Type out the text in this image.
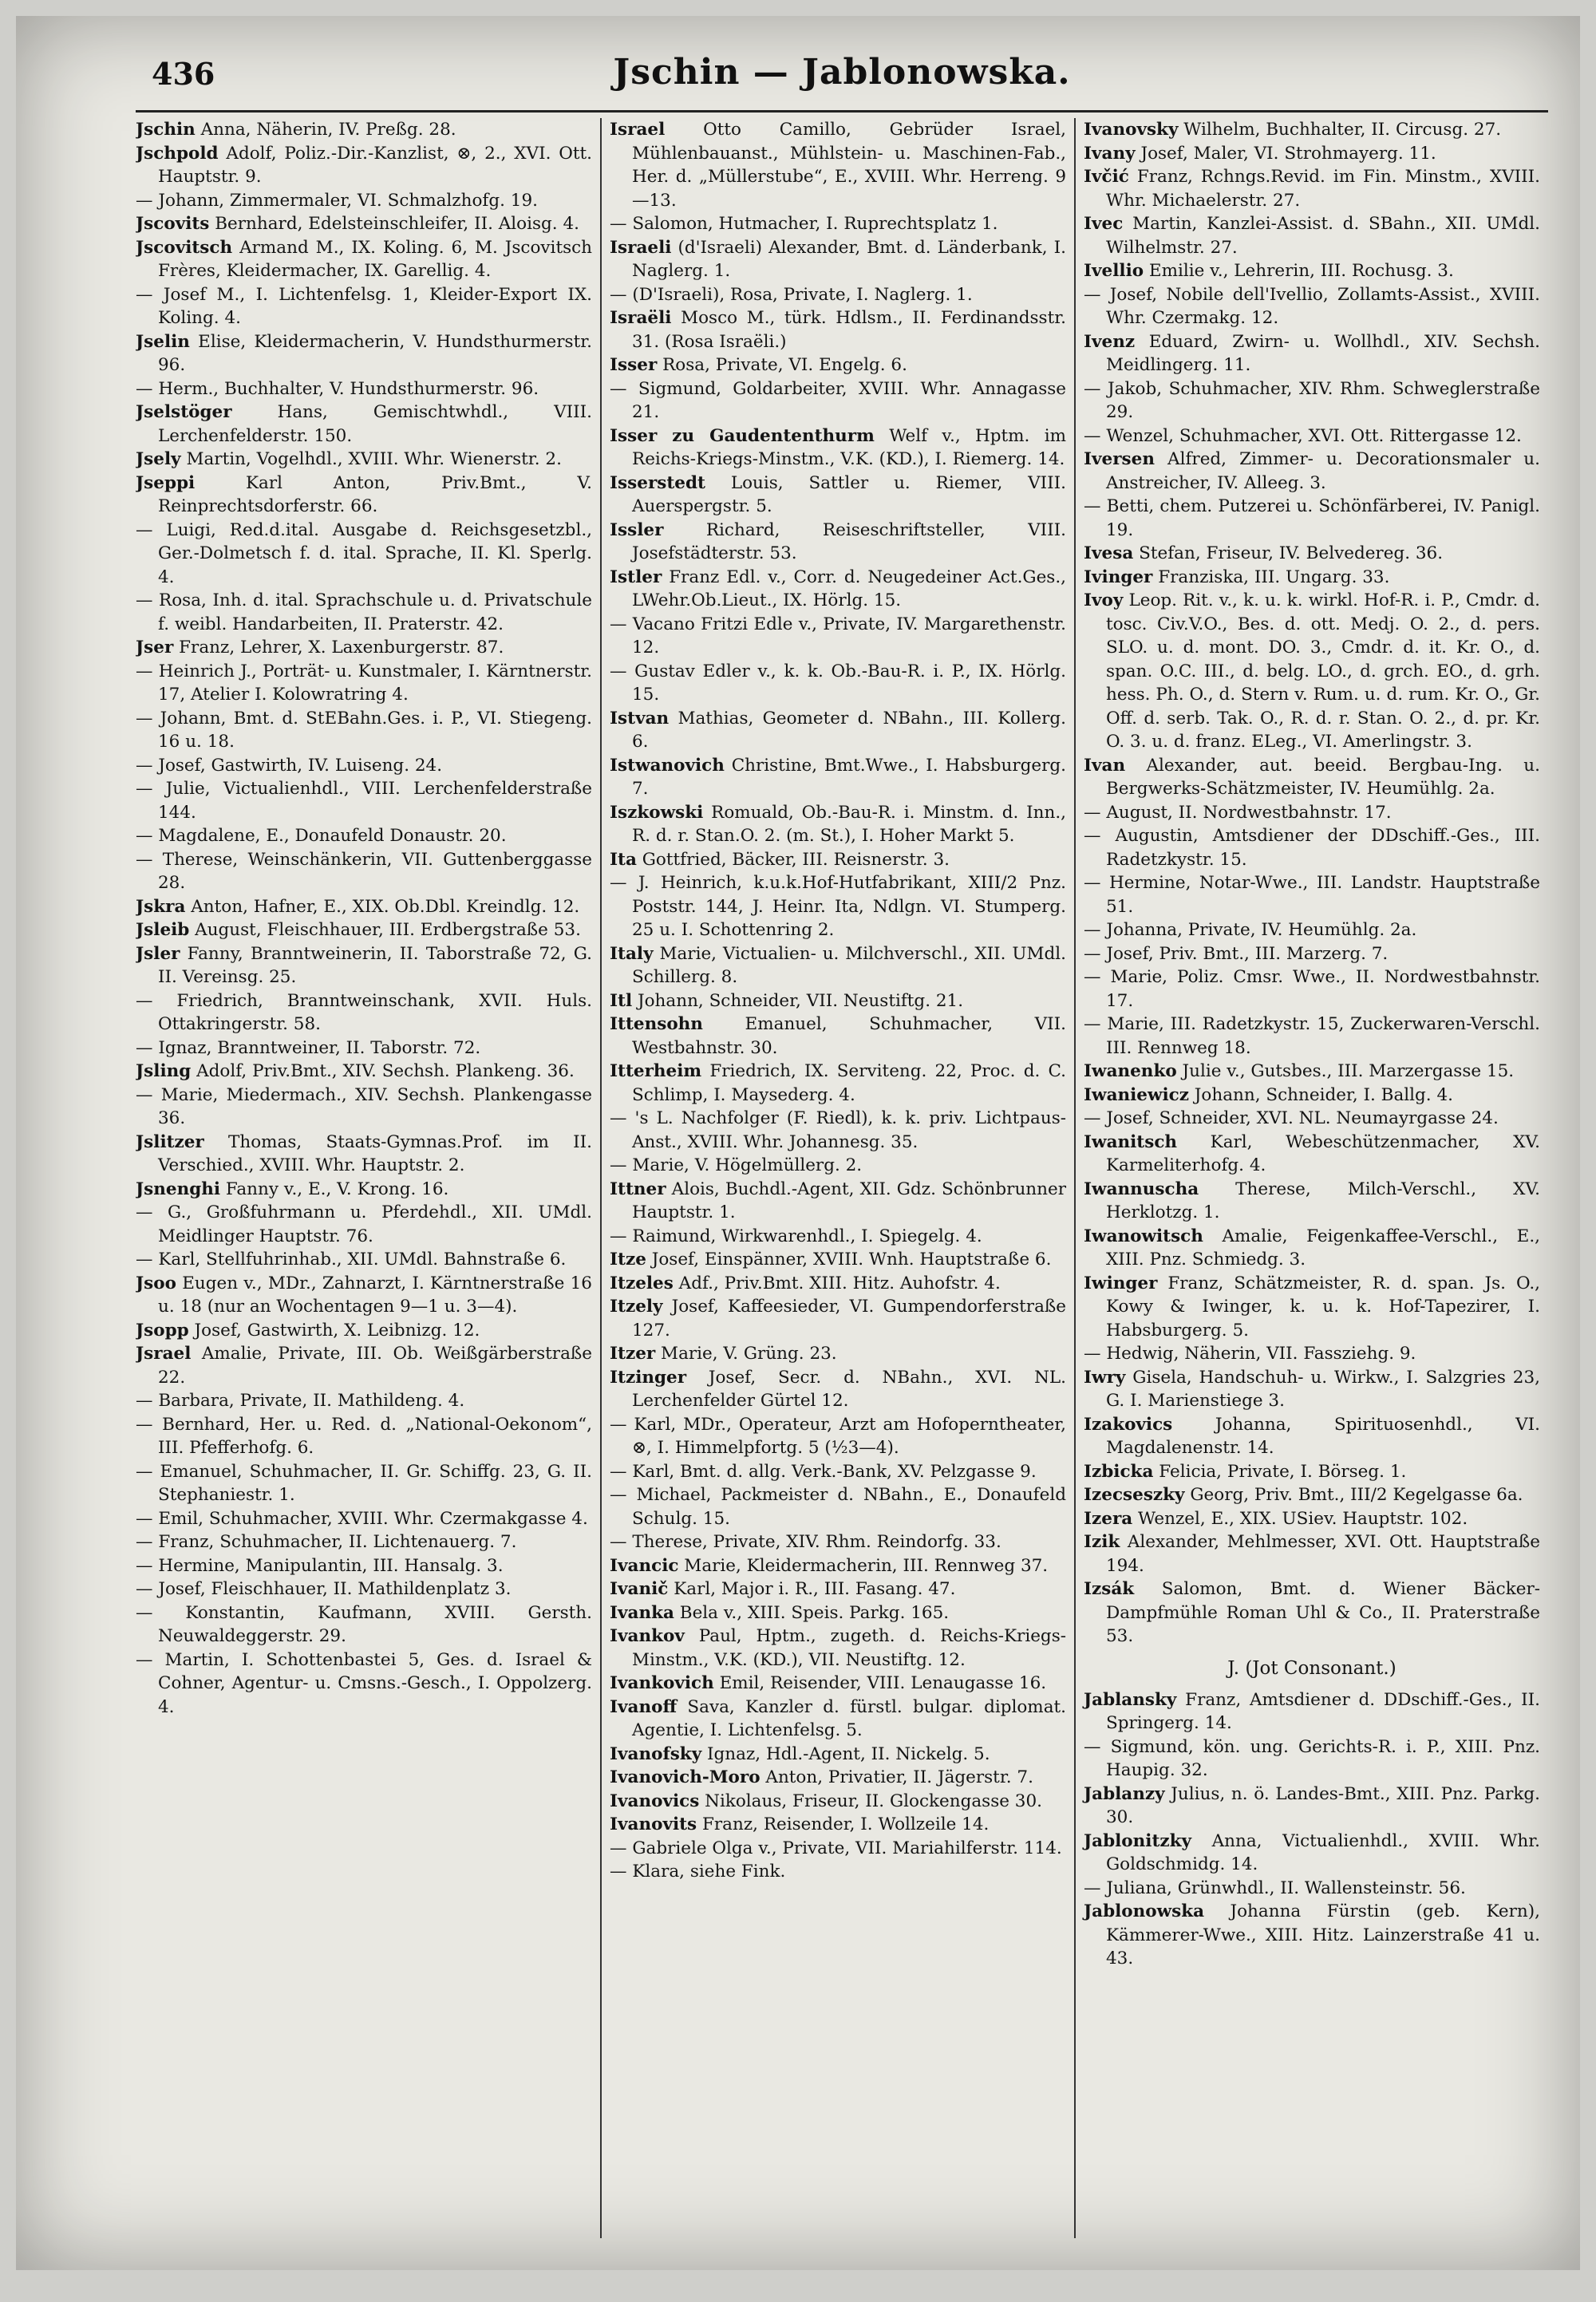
436	Jschin — Jablonowska.
Jschin Anna, Näherin, IV. Preßg. 28.
Jschpold Adolf, Poliz.-Dir.-Kanzlist, ⊗, 2., XVI. Ott. Hauptstr. 9.
— Johann, Zimmermaler, VI. Schmalzhofg. 19.
Jscovits Bernhard, Edelsteinschleifer, II. Aloisg. 4.
Jscovitsch Armand M., IX. Koling. 6, M. Jscovitsch Frères, Kleidermacher, IX. Garellig. 4.
— Josef M., I. Lichtenfelsg. 1, Kleider-Export IX. Koling. 4.
Jselin Elise, Kleidermacherin, V. Hundsthurmerstr. 96.
— Herm., Buchhalter, V. Hundsthurmerstr. 96.
Jselstöger Hans, Gemischtwhdl., VIII. Lerchenfelderstr. 150.
Jsely Martin, Vogelhdl., XVIII. Whr. Wienerstr. 2.
Jseppi Karl Anton, Priv.Bmt., V. Reinprechtsdorferstr. 66.
— Luigi, Red.d.ital. Ausgabe d. Reichsgesetzbl., Ger.-Dolmetsch f. d. ital. Sprache, II. Kl. Sperlg. 4.
— Rosa, Inh. d. ital. Sprachschule u. d. Privatschule f. weibl. Handarbeiten, II. Praterstr. 42.
Jser Franz, Lehrer, X. Laxenburgerstr. 87.
— Heinrich J., Porträt- u. Kunstmaler, I. Kärntnerstr. 17, Atelier I. Kolowratring 4.
— Johann, Bmt. d. StEBahn.Ges. i. P., VI. Stiegeng. 16 u. 18.
— Josef, Gastwirth, IV. Luiseng. 24.
— Julie, Victualienhdl., VIII. Lerchenfelderstraße 144.
— Magdalene, E., Donaufeld Donaustr. 20.
— Therese, Weinschänkerin, VII. Guttenberggasse 28.
Jskra Anton, Hafner, E., XIX. Ob.Dbl. Kreindlg. 12.
Jsleib August, Fleischhauer, III. Erdbergstraße 53.
Jsler Fanny, Branntweinerin, II. Taborstraße 72, G. II. Vereinsg. 25.
— Friedrich, Branntweinschank, XVII. Huls. Ottakringerstr. 58.
— Ignaz, Branntweiner, II. Taborstr. 72.
Jsling Adolf, Priv.Bmt., XIV. Sechsh. Plankeng. 36.
— Marie, Miedermach., XIV. Sechsh. Plankengasse 36.
Jslitzer Thomas, Staats-Gymnas.Prof. im II. Verschied., XVIII. Whr. Hauptstr. 2.
Jsnenghi Fanny v., E., V. Krong. 16.
— G., Großfuhrmann u. Pferdehdl., XII. UMdl. Meidlinger Hauptstr. 76.
— Karl, Stellfuhrinhab., XII. UMdl. Bahnstraße 6.
Jsoo Eugen v., MDr., Zahnarzt, I. Kärntnerstraße 16 u. 18 (nur an Wochentagen 9—1 u. 3—4).
Jsopp Josef, Gastwirth, X. Leibnizg. 12.
Jsrael Amalie, Private, III. Ob. Weißgärberstraße 22.
— Barbara, Private, II. Mathildeng. 4.
— Bernhard, Her. u. Red. d. „National-Oekonom“, III. Pfefferhofg. 6.
— Emanuel, Schuhmacher, II. Gr. Schiffg. 23, G. II. Stephaniestr. 1.
— Emil, Schuhmacher, XVIII. Whr. Czermakgasse 4.
— Franz, Schuhmacher, II. Lichtenauerg. 7.
— Hermine, Manipulantin, III. Hansalg. 3.
— Josef, Fleischhauer, II. Mathildenplatz 3.
— Konstantin, Kaufmann, XVIII. Gersth. Neuwaldeggerstr. 29.
— Martin, I. Schottenbastei 5, Ges. d. Israel & Cohner, Agentur- u. Cmsns.-Gesch., I. Oppolzerg. 4.
Israel Otto Camillo, Gebrüder Israel, Mühlenbauanst., Mühlstein- u. Maschinen-Fab., Her. d. „Müllerstube“, E., XVIII. Whr. Herreng. 9—13.
— Salomon, Hutmacher, I. Ruprechtsplatz 1.
Israeli (d'Israeli) Alexander, Bmt. d. Länderbank, I. Naglerg. 1.
— (D'Israeli), Rosa, Private, I. Naglerg. 1.
Israëli Mosco M., türk. Hdlsm., II. Ferdinandsstr. 31. (Rosa Israëli.)
Isser Rosa, Private, VI. Engelg. 6.
— Sigmund, Goldarbeiter, XVIII. Whr. Annagasse 21.
Isser zu Gaudententhurm Welf v., Hptm. im Reichs-Kriegs-Minstm., V.K. (KD.), I. Riemerg. 14.
Isserstedt Louis, Sattler u. Riemer, VIII. Auerspergstr. 5.
Issler Richard, Reiseschriftsteller, VIII. Josefstädterstr. 53.
Istler Franz Edl. v., Corr. d. Neugedeiner Act.Ges., LWehr.Ob.Lieut., IX. Hörlg. 15.
— Vacano Fritzi Edle v., Private, IV. Margarethenstr. 12.
— Gustav Edler v., k. k. Ob.-Bau-R. i. P., IX. Hörlg. 15.
Istvan Mathias, Geometer d. NBahn., III. Kollerg. 6.
Istwanovich Christine, Bmt.Wwe., I. Habsburgerg. 7.
Iszkowski Romuald, Ob.-Bau-R. i. Minstm. d. Inn., R. d. r. Stan.O. 2. (m. St.), I. Hoher Markt 5.
Ita Gottfried, Bäcker, III. Reisnerstr. 3.
— J. Heinrich, k.u.k.Hof-Hutfabrikant, XIII/2 Pnz. Poststr. 144, J. Heinr. Ita, Ndlgn. VI. Stumperg. 25 u. I. Schottenring 2.
Italy Marie, Victualien- u. Milchverschl., XII. UMdl. Schillerg. 8.
Itl Johann, Schneider, VII. Neustiftg. 21.
Ittensohn Emanuel, Schuhmacher, VII. Westbahnstr. 30.
Itterheim Friedrich, IX. Serviteng. 22, Proc. d. C. Schlimp, I. Maysederg. 4.
— 's L. Nachfolger (F. Riedl), k. k. priv. Lichtpaus-Anst., XVIII. Whr. Johannesg. 35.
— Marie, V. Högelmüllerg. 2.
Ittner Alois, Buchdl.-Agent, XII. Gdz. Schönbrunner Hauptstr. 1.
— Raimund, Wirkwarenhdl., I. Spiegelg. 4.
Itze Josef, Einspänner, XVIII. Wnh. Hauptstraße 6.
Itzeles Adf., Priv.Bmt. XIII. Hitz. Auhofstr. 4.
Itzely Josef, Kaffeesieder, VI. Gumpendorferstraße 127.
Itzer Marie, V. Grüng. 23.
Itzinger Josef, Secr. d. NBahn., XVI. NL. Lerchenfelder Gürtel 12.
— Karl, MDr., Operateur, Arzt am Hofoperntheater, ⊗, I. Himmelpfortg. 5 (½3—4).
— Karl, Bmt. d. allg. Verk.-Bank, XV. Pelzgasse 9.
— Michael, Packmeister d. NBahn., E., Donaufeld Schulg. 15.
— Therese, Private, XIV. Rhm. Reindorfg. 33.
Ivancic Marie, Kleidermacherin, III. Rennweg 37.
Ivanič Karl, Major i. R., III. Fasang. 47.
Ivanka Bela v., XIII. Speis. Parkg. 165.
Ivankov Paul, Hptm., zugeth. d. Reichs-Kriegs-Minstm., V.K. (KD.), VII. Neustiftg. 12.
Ivankovich Emil, Reisender, VIII. Lenaugasse 16.
Ivanoff Sava, Kanzler d. fürstl. bulgar. diplomat. Agentie, I. Lichtenfelsg. 5.
Ivanofsky Ignaz, Hdl.-Agent, II. Nickelg. 5.
Ivanovich-Moro Anton, Privatier, II. Jägerstr. 7.
Ivanovics Nikolaus, Friseur, II. Glockengasse 30.
Ivanovits Franz, Reisender, I. Wollzeile 14.
— Gabriele Olga v., Private, VII. Mariahilferstr. 114.
— Klara, siehe Fink.
Ivanovsky Wilhelm, Buchhalter, II. Circusg. 27.
Ivany Josef, Maler, VI. Strohmayerg. 11.
Ivčić Franz, Rchngs.Revid. im Fin. Minstm., XVIII. Whr. Michaelerstr. 27.
Ivec Martin, Kanzlei-Assist. d. SBahn., XII. UMdl. Wilhelmstr. 27.
Ivellio Emilie v., Lehrerin, III. Rochusg. 3.
— Josef, Nobile dell'Ivellio, Zollamts-Assist., XVIII. Whr. Czermakg. 12.
Ivenz Eduard, Zwirn- u. Wollhdl., XIV. Sechsh. Meidlingerg. 11.
— Jakob, Schuhmacher, XIV. Rhm. Schweglerstraße 29.
— Wenzel, Schuhmacher, XVI. Ott. Rittergasse 12.
Iversen Alfred, Zimmer- u. Decorationsmaler u. Anstreicher, IV. Alleeg. 3.
— Betti, chem. Putzerei u. Schönfärberei, IV. Panigl. 19.
Ivesa Stefan, Friseur, IV. Belvedereg. 36.
Ivinger Franziska, III. Ungarg. 33.
Ivoy Leop. Rit. v., k. u. k. wirkl. Hof-R. i. P., Cmdr. d. tosc. Civ.V.O., Bes. d. ott. Medj. O. 2., d. pers. SLO. u. d. mont. DO. 3., Cmdr. d. it. Kr. O., d. span. O.C. III., d. belg. LO., d. grch. EO., d. grh. hess. Ph. O., d. Stern v. Rum. u. d. rum. Kr. O., Gr. Off. d. serb. Tak. O., R. d. r. Stan. O. 2., d. pr. Kr. O. 3. u. d. franz. ELeg., VI. Amerlingstr. 3.
Ivan Alexander, aut. beeid. Bergbau-Ing. u. Bergwerks-Schätzmeister, IV. Heumühlg. 2a.
— August, II. Nordwestbahnstr. 17.
— Augustin, Amtsdiener der DDschiff.-Ges., III. Radetzkystr. 15.
— Hermine, Notar-Wwe., III. Landstr. Hauptstraße 51.
— Johanna, Private, IV. Heumühlg. 2a.
— Josef, Priv. Bmt., III. Marzerg. 7.
— Marie, Poliz. Cmsr. Wwe., II. Nordwestbahnstr. 17.
— Marie, III. Radetzkystr. 15, Zuckerwaren-Verschl. III. Rennweg 18.
Iwanenko Julie v., Gutsbes., III. Marzergasse 15.
Iwaniewicz Johann, Schneider, I. Ballg. 4.
— Josef, Schneider, XVI. NL. Neumayrgasse 24.
Iwanitsch Karl, Webeschützenmacher, XV. Karmeliterhofg. 4.
Iwannuscha Therese, Milch-Verschl., XV. Herklotzg. 1.
Iwanowitsch Amalie, Feigenkaffee-Verschl., E., XIII. Pnz. Schmiedg. 3.
Iwinger Franz, Schätzmeister, R. d. span. Js. O., Kowy & Iwinger, k. u. k. Hof-Tapezirer, I. Habsburgerg. 5.
— Hedwig, Näherin, VII. Fassziehg. 9.
Iwry Gisela, Handschuh- u. Wirkw., I. Salzgries 23, G. I. Marienstiege 3.
Izakovics Johanna, Spirituosenhdl., VI. Magdalenenstr. 14.
Izbicka Felicia, Private, I. Börseg. 1.
Izecseszky Georg, Priv. Bmt., III/2 Kegelgasse 6a.
Izera Wenzel, E., XIX. USiev. Hauptstr. 102.
Izik Alexander, Mehlmesser, XVI. Ott. Hauptstraße 194.
Izsák Salomon, Bmt. d. Wiener Bäcker-Dampfmühle Roman Uhl & Co., II. Praterstraße 53.
J. (Jot Consonant.)
Jablansky Franz, Amtsdiener d. DDschiff.-Ges., II. Springerg. 14.
— Sigmund, kön. ung. Gerichts-R. i. P., XIII. Pnz. Haupig. 32.
Jablanzy Julius, n. ö. Landes-Bmt., XIII. Pnz. Parkg. 30.
Jablonitzky Anna, Victualienhdl., XVIII. Whr. Goldschmidg. 14.
— Juliana, Grünwhdl., II. Wallensteinstr. 56.
Jablonowska Johanna Fürstin (geb. Kern), Kämmerer-Wwe., XIII. Hitz. Lainzerstraße 41 u. 43.
